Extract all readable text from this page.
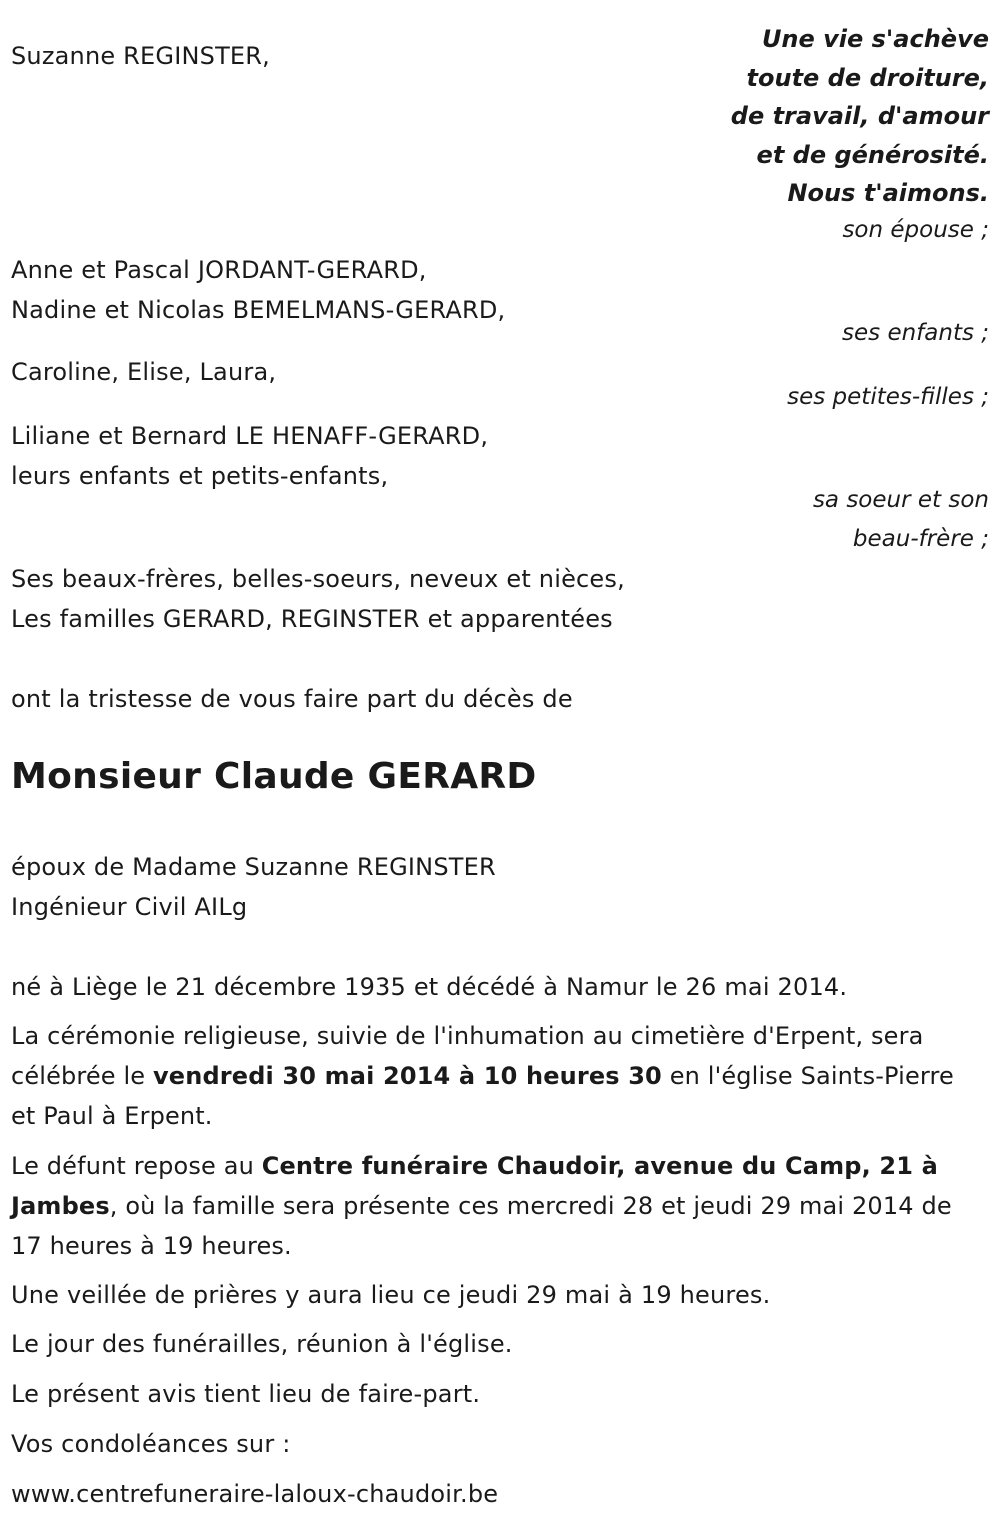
Une vie s'achève
toute de droiture,
de travail, d'amour
et de générosité.
Nous t'aimons.

Suzanne REGINSTER,

son épouse ;

Anne et Pascal JORDANT-GERARD,

Nadine et Nicolas BEMELMANS-GERARD,

ses enfants ;

Caroline, Elise, Laura,

ses petites-filles ;

Liliane et Bernard LE HENAFF-GERARD,

leurs enfants et petits-enfants,

sa soeur et son

beau-frère ;

Ses beaux-frères, belles-soeurs, neveux et nièces,

Les familles GERARD, REGINSTER et apparentées

ont la tristesse de vous faire part du décès de

Monsieur Claude GERARD

époux de Madame Suzanne REGINSTER

Ingénieur Civil AILg

né à Liège le 21 décembre 1935 et décédé à Namur le 26 mai 2014.

La cérémonie religieuse, suivie de l'inhumation au cimetière d'Erpent, sera célébrée le vendredi 30 mai 2014 à 10 heures 30 en l'église Saints-Pierre et Paul à Erpent.

Le défunt repose au Centre funéraire Chaudoir, avenue du Camp, 21 à Jambes, où la famille sera présente ces mercredi 28 et jeudi 29 mai 2014 de 17 heures à 19 heures.

Une veillée de prières y aura lieu ce jeudi 29 mai à 19 heures.

Le jour des funérailles, réunion à l'église.

Le présent avis tient lieu de faire-part.

Vos condoléances sur :

www.centrefuneraire-laloux-chaudoir.be
